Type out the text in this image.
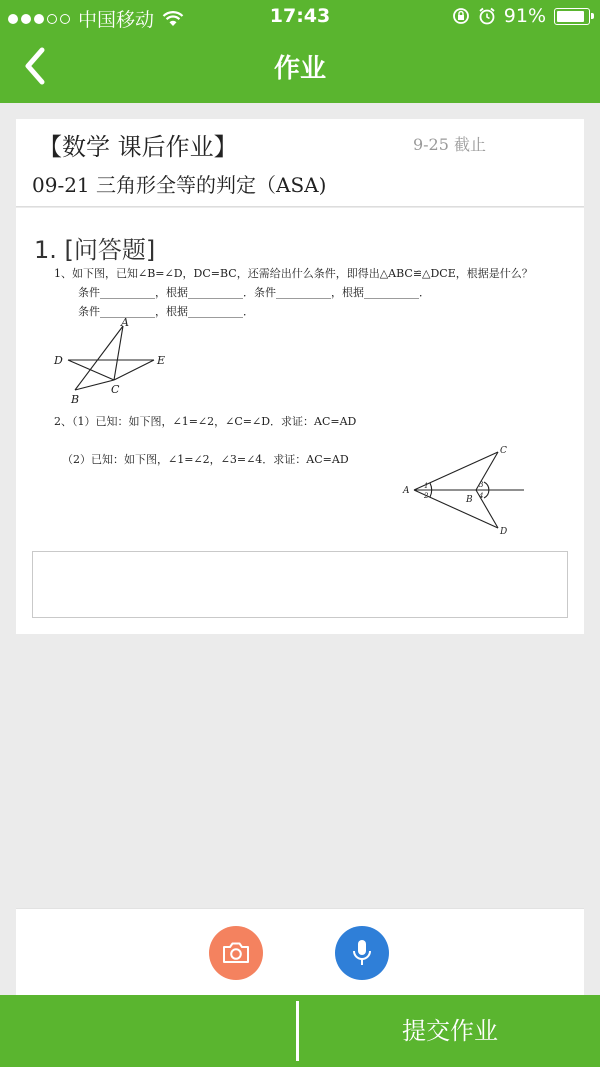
中国移动	17:43	91%
作业
【数学 课后作业】	9-25 截止
09-21 三角形全等的判定（ASA)
1. [问答题]
1、如下图，已知∠B=∠D，DC=BC，还需给出什么条件，即得出△ABC≌△DCE，根据是什么？
条件__________，根据__________．条件__________，根据__________．
条件__________，根据__________．
A
D	E
B
C
2、（1）已知：如下图，∠1=∠2，∠C=∠D．求证：AC=AD
（2）已知：如下图，∠1=∠2，∠3=∠4．求证：AC=AD
A
B
C
D
1
2
3
4
提交作业
